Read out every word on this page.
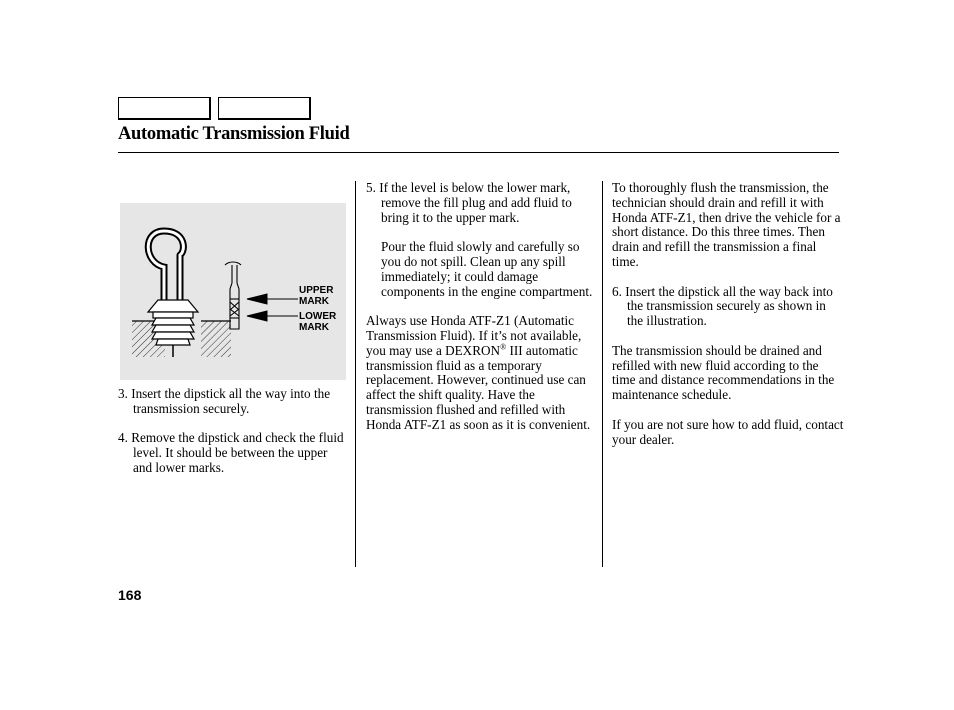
Automatic Transmission Fluid
UPPER MARK
LOWER MARK

3. Insert the dipstick all the way into the transmission securely.

4. Remove the dipstick and check the fluid level. It should be between the upper and lower marks.

5. If the level is below the lower mark, remove the fill plug and add fluid to bring it to the upper mark.

Pour the fluid slowly and carefully so you do not spill. Clean up any spill immediately; it could damage components in the engine compartment.

Always use Honda ATF-Z1 (Automatic Transmission Fluid). If it’s not available, you may use a DEXRON® III automatic transmission fluid as a temporary replacement. However, continued use can affect the shift quality. Have the transmission flushed and refilled with Honda ATF-Z1 as soon as it is convenient.

To thoroughly flush the transmission, the technician should drain and refill it with Honda ATF-Z1, then drive the vehicle for a short distance. Do this three times. Then drain and refill the transmission a final time.

6. Insert the dipstick all the way back into the transmission securely as shown in the illustration.

The transmission should be drained and refilled with new fluid according to the time and distance recommendations in the maintenance schedule.

If you are not sure how to add fluid, contact your dealer.

168
